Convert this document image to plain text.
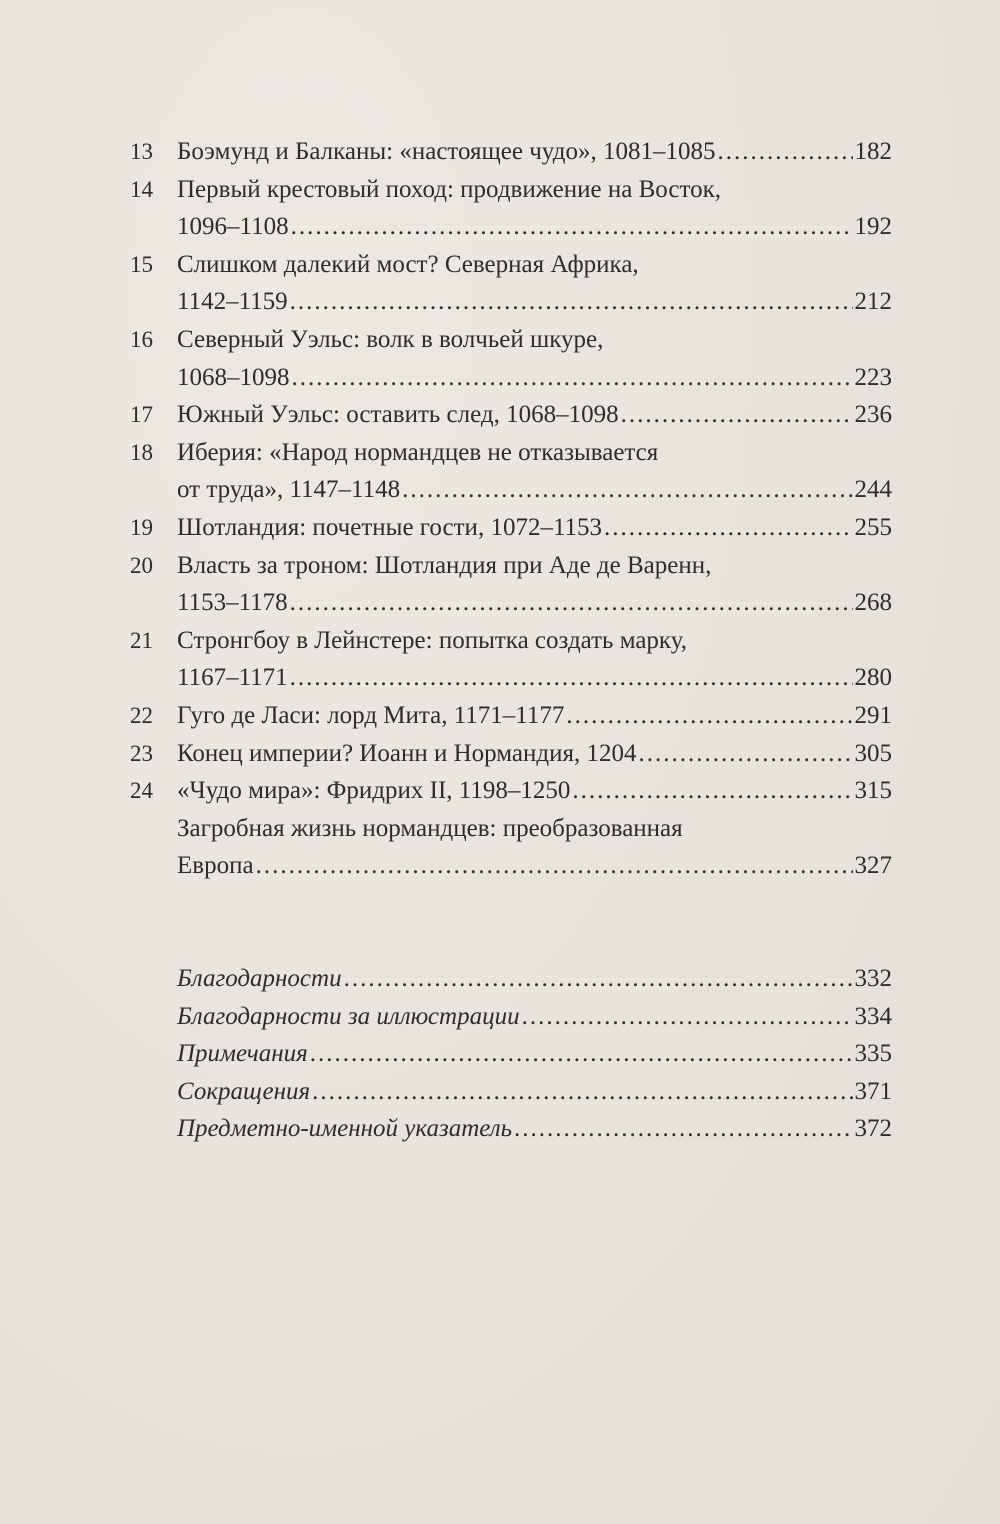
13 Боэмунд и Балканы: «настоящее чудо», 1081–1085 .....	182
14 Первый крестовый поход: продвижение на Восток,
1096–1108 .....	192
15 Слишком далекий мост? Северная Африка,
1142–1159 .....	212
16 Северный Уэльс: волк в волчьей шкуре,
1068–1098 .....	223
17 Южный Уэльс: оставить след, 1068–1098 .....	236
18 Иберия: «Народ нормандцев не отказывается
от труда», 1147–1148 .....	244
19 Шотландия: почетные гости, 1072–1153 .....	255
20 Власть за троном: Шотландия при Аде де Варенн,
1153–1178 .....	268
21 Стронгбоу в Лейнстере: попытка создать марку,
1167–1171 .....	280
22 Гуго де Ласи: лорд Мита, 1171–1177 .....	291
23 Конец империи? Иоанн и Нормандия, 1204 .....	305
24 «Чудо мира»: Фридрих II, 1198–1250 .....	315
Загробная жизнь нормандцев: преобразованная
Европа .....	327
Благодарности .....	332
Благодарности за иллюстрации .....	334
Примечания .....	335
Сокращения .....	371
Предметно-именной указатель .....	372
